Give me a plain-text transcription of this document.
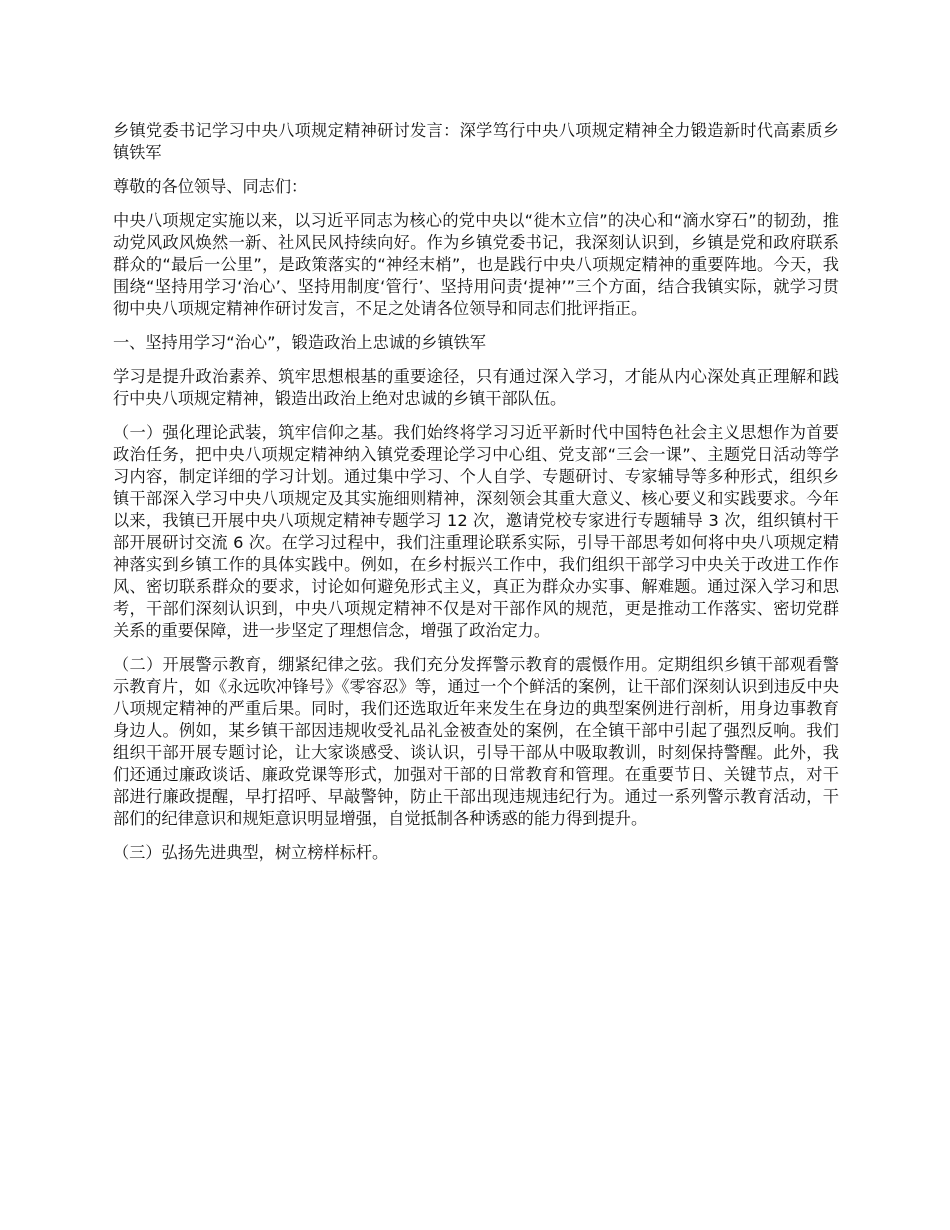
乡镇党委书记学习中央八项规定精神研讨发言：深学笃行中央八项规定精神全力锻造新时代高素质乡镇铁军

尊敬的各位领导、同志们：

中央八项规定实施以来，以习近平同志为核心的党中央以“徙木立信”的决心和“滴水穿石”的韧劲，推动党风政风焕然一新、社风民风持续向好。作为乡镇党委书记，我深刻认识到，乡镇是党和政府联系群众的“最后一公里”，是政策落实的“神经末梢”，也是践行中央八项规定精神的重要阵地。今天，我围绕“坚持用学习‘治心’、坚持用制度‘管行’、坚持用问责‘提神’”三个方面，结合我镇实际，就学习贯彻中央八项规定精神作研讨发言，不足之处请各位领导和同志们批评指正。

一、坚持用学习“治心”，锻造政治上忠诚的乡镇铁军

学习是提升政治素养、筑牢思想根基的重要途径，只有通过深入学习，才能从内心深处真正理解和践行中央八项规定精神，锻造出政治上绝对忠诚的乡镇干部队伍。

（一）强化理论武装，筑牢信仰之基。我们始终将学习习近平新时代中国特色社会主义思想作为首要政治任务，把中央八项规定精神纳入镇党委理论学习中心组、党支部“三会一课”、主题党日活动等学习内容，制定详细的学习计划。通过集中学习、个人自学、专题研讨、专家辅导等多种形式，组织乡镇干部深入学习中央八项规定及其实施细则精神，深刻领会其重大意义、核心要义和实践要求。今年以来，我镇已开展中央八项规定精神专题学习 12 次，邀请党校专家进行专题辅导 3 次，组织镇村干部开展研讨交流 6 次。在学习过程中，我们注重理论联系实际，引导干部思考如何将中央八项规定精神落实到乡镇工作的具体实践中。例如，在乡村振兴工作中，我们组织干部学习中央关于改进工作作风、密切联系群众的要求，讨论如何避免形式主义，真正为群众办实事、解难题。通过深入学习和思考，干部们深刻认识到，中央八项规定精神不仅是对干部作风的规范，更是推动工作落实、密切党群关系的重要保障，进一步坚定了理想信念，增强了政治定力。

（二）开展警示教育，绷紧纪律之弦。我们充分发挥警示教育的震慑作用。定期组织乡镇干部观看警示教育片，如《永远吹冲锋号》《零容忍》等，通过一个个鲜活的案例，让干部们深刻认识到违反中央八项规定精神的严重后果。同时，我们还选取近年来发生在身边的典型案例进行剖析，用身边事教育身边人。例如，某乡镇干部因违规收受礼品礼金被查处的案例，在全镇干部中引起了强烈反响。我们组织干部开展专题讨论，让大家谈感受、谈认识，引导干部从中吸取教训，时刻保持警醒。此外，我们还通过廉政谈话、廉政党课等形式，加强对干部的日常教育和管理。在重要节日、关键节点，对干部进行廉政提醒，早打招呼、早敲警钟，防止干部出现违规违纪行为。通过一系列警示教育活动，干部们的纪律意识和规矩意识明显增强，自觉抵制各种诱惑的能力得到提升。

（三）弘扬先进典型，树立榜样标杆。
